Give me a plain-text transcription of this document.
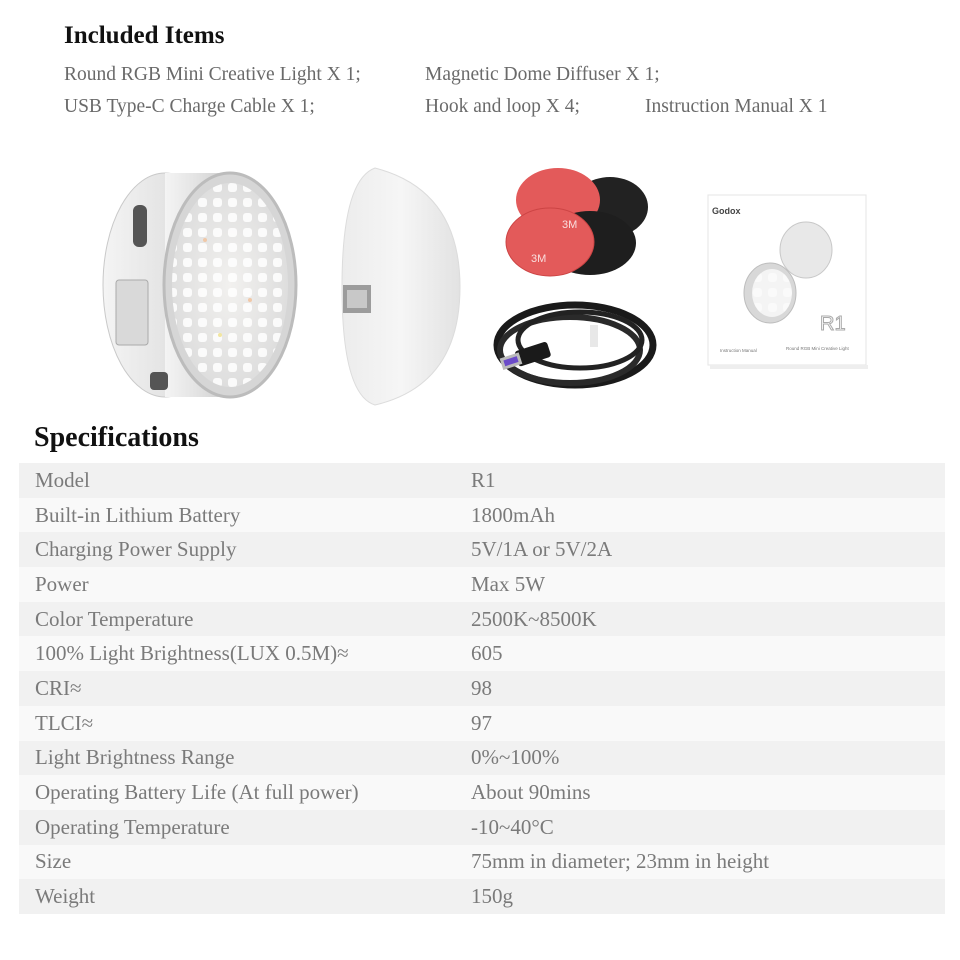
Included Items
Round RGB Mini Creative Light X 1;	Magnetic Dome Diffuser X 1;
USB Type-C Charge Cable X 1;	Hook and loop X 4;	Instruction Manual X 1
3M
3M
Godox
R1
Round RGB Mini Creative Light
Instruction Manual
Specifications
Model	R1
Built-in Lithium Battery	1800mAh
Charging Power Supply	5V/1A or 5V/2A
Power	Max 5W
Color Temperature	2500K~8500K
100% Light Brightness(LUX 0.5M)≈	605
CRI≈	98
TLCI≈	97
Light Brightness Range	0%~100%
Operating Battery Life (At full power)	About 90mins
Operating Temperature	-10~40°C
Size	75mm in diameter; 23mm in height
Weight	150g
